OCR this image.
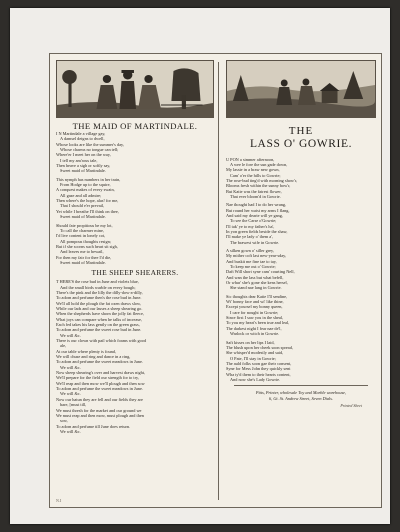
THE MAID OF MARTINDALE.
I N Martindale a village gay,
A damsel deigns to dwell,
Whose looks are like the summer's day,
Whose charms no tongue can tell;
Where'er I meet her on the way,
I tell my am'rous tale,
Then heave a sigh or softly say,
Sweet maid of Martindale.
This nymph has numbers in her train,
From Hodge up to the squire,
A conquest makes of every swain,
All gaze and all admire;
Then where's the hope, alas! for me,
That I should e'er prevail,
Yet while I breathe I'll think on thee,
Sweet maid of Martindale.
Should fate propitious be my lot,
To call the charmer mine,
I'd live content in lonely cot,
All pompous thoughts resign;
But if she scorns such heart sit sigh,
And leaves me to bewail,
For then my fair for thee I'd die,
Sweet maid of Martindale.
THE SHEEP SHEARERS.
T HERE'S the rose bud in June and violets blue,
And the small birds warble on every bough;
There's the pink and the lilly the dilly-dow-a-dilly,
To adorn and perfume then's the rose bud in June.
We'll all hold the plough the fat oxen draws slow,
While our lads and our lasses a sheep shearing go.
When the shepherds have shorn the jolly fat fleece,
What joys can compare when he talks of increase,
Each fed takes his lass gently on the green grass,
To adorn and perfume the sweet rose bud in June.
We will &c.
There is our clown with pail which foams with good
ale,
At our table where plenty is found,
We will chuse and ring and dance in a ring,
To adorn and perfume the sweet meadows in June.
We will &c.
Now sheep shearing's over and harvest draws night,
We'll prepare for the field our strength for to try,
We'll reap and then mow we'll plough and then sow
To adorn and perfume the sweet meadows in June.
We will &c.
Now our hatun they are fell and our fields they are
bare, [must till,
We must thresh for the market and our ground we
We must reap and then mow, must plough and then
sow,
To adorn and perfume till June does return.
We will &c.
THE
LASS O' GOWRIE.
U PON a simmer afternoon,
A wee le fore the sun gade down,
My lassie in a braw new gown,
Cam' o'er the hills to Gowrie;
The rose-bud ting'd with morning show'r,
Blooms fresh within the sunny bow'r,
But Katie was the fairest flower,
That ever bloom'd in Gowrie.
Nae thought had I to do her wrang,
But round her waist my arms I flang,
And said my dearie will ye gang,
To see the Carse o'Gowrie;
I'll tak' ye to my father's ha',
In yon green fields beside the shaw,
I'll make ye lady o' them a',
The brawest wife in Gowrie.
A silken gown o' siller grey,
My mither coft last new-year-sday,
And buskit me fine tae to tay,
To keep me out o' Gowrie;
Daft Will short syne cam' courting Nell,
And wan the lass but what befell,
Or whar' she's gone she kens hersel,
She stand nae lang in Gowrie.
Sic thoughts dear Katie I'll sendine,
Wi' bonny face and wi' like thine,
Except yoursel my bonny queen,
I care for nought in Gowrie;
Since first I saw you in the sheal,
To you my heart's been true and leal,
The darkest night I fear nae de'l,
Warlock or witch in Gowrie.
Saft kisses on her lips I laid,
The blush upon her cheek soon spread,
She whisper'd modestly and said,
O Pate, I'll stay in Gowrie;
The auld folks soon gae their consent,
Syne for Mess John they quickly sent
Wha ty'd them to their hearts content,
And now she's Lady Gowrie.
Pitts, Printer, wholesale Toy and Marble warehouse,
6, Gt. St. Andrew Street, Seven Dials.
Printed Sheet
N.I
